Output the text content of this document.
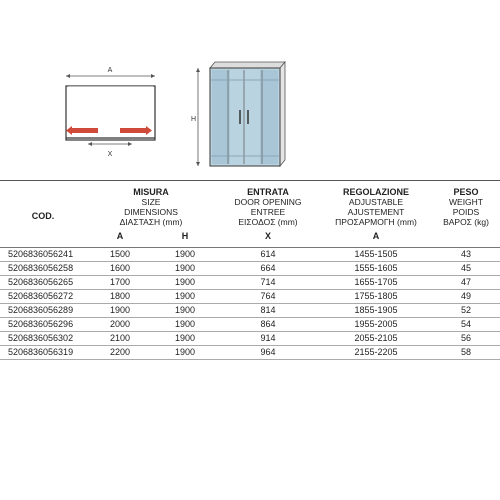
A
X
H
	MISURA
SIZE
DIMENSIONS
ΔΙΑΣΤΑΣΗ (mm)		ENTRATA
DOOR OPENING
ENTREE
ΕΙΣΟΔΟΣ (mm)	REGOLAZIONE
ADJUSTABLE
AJUSTEMENT
ΠΡΟΣΑΡΜΟΓΗ (mm)	PESO
WEIGHT
POIDS
ΒΑΡΟΣ (kg)
COD.	A	H	X	A	
5206836056241	1500	1900	614	1455-1505	43
5206836056258	1600	1900	664	1555-1605	45
5206836056265	1700	1900	714	1655-1705	47
5206836056272	1800	1900	764	1755-1805	49
5206836056289	1900	1900	814	1855-1905	52
5206836056296	2000	1900	864	1955-2005	54
5206836056302	2100	1900	914	2055-2105	56
5206836056319	2200	1900	964	2155-2205	58
